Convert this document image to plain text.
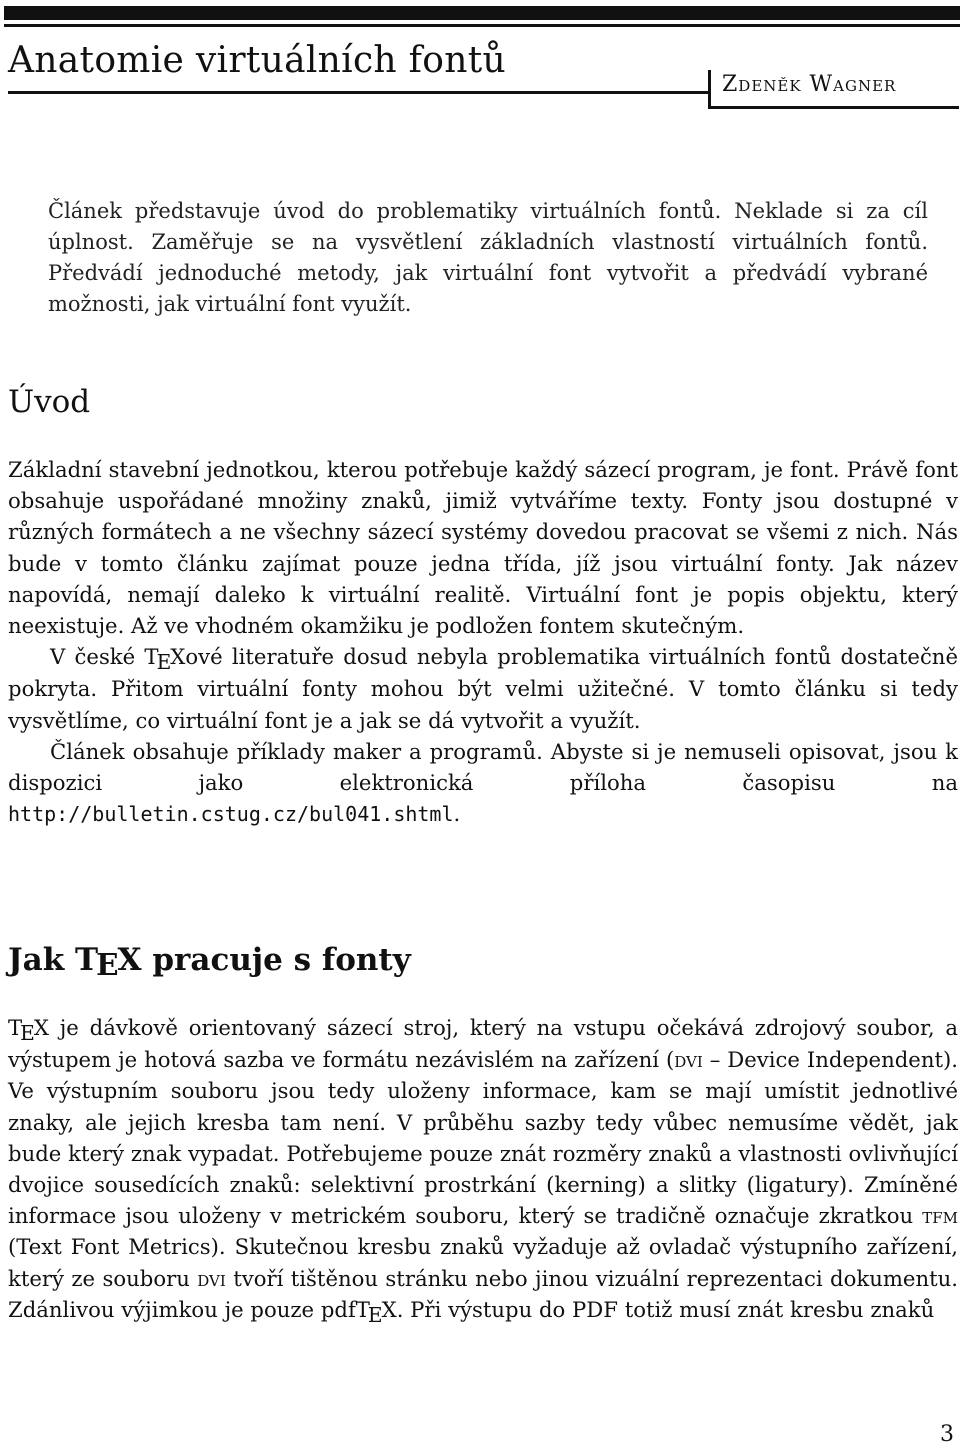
Anatomie virtuálních fontů
Zdeněk Wagner

Článek představuje úvod do problematiky virtuálních fontů. Neklade si za cíl úplnost. Zaměřuje se na vysvětlení základních vlastností virtuálních fontů. Předvádí jednoduché metody, jak virtuální font vytvořit a předvádí vybrané možnosti, jak virtuální font využít.

Úvod

Základní stavební jednotkou, kterou potřebuje každý sázecí program, je font. Právě font obsahuje uspořádané množiny znaků, jimiž vytváříme texty. Fonty jsou dostupné v různých formátech a ne všechny sázecí systémy dovedou pracovat se všemi z nich. Nás bude v tomto článku zajímat pouze jedna třída, jíž jsou virtuální fonty. Jak název napovídá, nemají daleko k virtuální realitě. Virtuální font je popis objektu, který neexistuje. Až ve vhodném okamžiku je podložen fontem skutečným.

V české TEXové literatuře dosud nebyla problematika virtuálních fontů dostatečně pokryta. Přitom virtuální fonty mohou být velmi užitečné. V tomto článku si tedy vysvětlíme, co virtuální font je a jak se dá vytvořit a využít.

Článek obsahuje příklady maker a programů. Abyste si je nemuseli opisovat, jsou k dispozici jako elektronická příloha časopisu na http://bulletin.cstug.cz/bul041.shtml.

Jak TEX pracuje s fonty

TEX je dávkově orientovaný sázecí stroj, který na vstupu očekává zdrojový soubor, a výstupem je hotová sazba ve formátu nezávislém na zařízení (dvi – Device Independent). Ve výstupním souboru jsou tedy uloženy informace, kam se mají umístit jednotlivé znaky, ale jejich kresba tam není. V průběhu sazby tedy vůbec nemusíme vědět, jak bude který znak vypadat. Potřebujeme pouze znát rozměry znaků a vlastnosti ovlivňující dvojice sousedících znaků: selektivní prostrkání (kerning) a slitky (ligatury). Zmíněné informace jsou uloženy v metrickém souboru, který se tradičně označuje zkratkou tfm (Text Font Metrics). Skutečnou kresbu znaků vyžaduje až ovladač výstupního zařízení, který ze souboru dvi tvoří tištěnou stránku nebo jinou vizuální reprezentaci dokumentu. Zdánlivou výjimkou je pouze pdfTEX. Při výstupu do PDF totiž musí znát kresbu znaků

3
